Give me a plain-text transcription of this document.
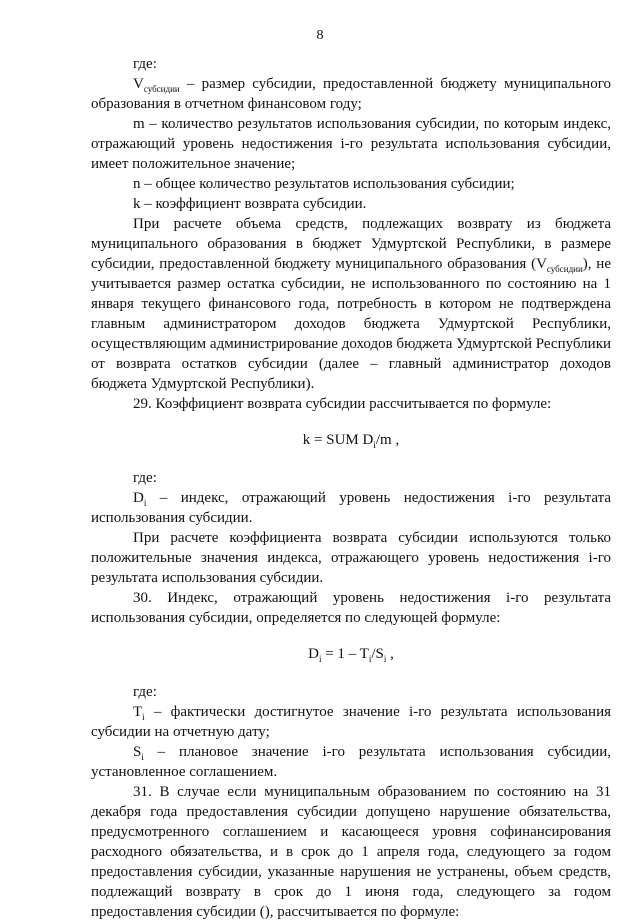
8

где:

$V_{субсидии}$ – размер субсидии, предоставленной бюджету муниципального образования в отчетном финансовом году;

m – количество результатов использования субсидии, по которым индекс, отражающий уровень недостижения i-го результата использования субсидии, имеет положительное значение;

n – общее количество результатов использования субсидии;

k – коэффициент возврата субсидии.

При расчете объема средств, подлежащих возврату из бюджета муниципального образования в бюджет Удмуртской Республики, в размере субсидии, предоставленной бюджету муниципального образования $(V_{субсидии})$, не учитывается размер остатка субсидии, не использованного по состоянию на 1 января текущего финансового года, потребность в котором не подтверждена главным администратором доходов бюджета Удмуртской Республики, осуществляющим администрирование доходов бюджета Удмуртской Республики от возврата остатков субсидии (далее – главный администратор доходов бюджета Удмуртской Республики).

29. Коэффициент возврата субсидии рассчитывается по формуле:

k = SUM $D_i/m$ ,

где:

$D_i$ – индекс, отражающий уровень недостижения i-го результата использования субсидии.

При расчете коэффициента возврата субсидии используются только положительные значения индекса, отражающего уровень недостижения i-го результата использования субсидии.

30. Индекс, отражающий уровень недостижения i-го результата использования субсидии, определяется по следующей формуле:

$D_i = 1 - T_i/S_i$ ,

где:

$T_i$ – фактически достигнутое значение i-го результата использования субсидии на отчетную дату;

$S_i$ – плановое значение i-го результата использования субсидии, установленное соглашением.

31. В случае если муниципальным образованием по состоянию на 31 декабря года предоставления субсидии допущено нарушение обязательства, предусмотренного соглашением и касающееся уровня софинансирования расходного обязательства, и в срок до 1 апреля года, следующего за годом предоставления субсидии, указанные нарушения не устранены, объем средств, подлежащий возврату в срок до 1 июня года, следующего за годом предоставления субсидии (), рассчитывается по формуле:
